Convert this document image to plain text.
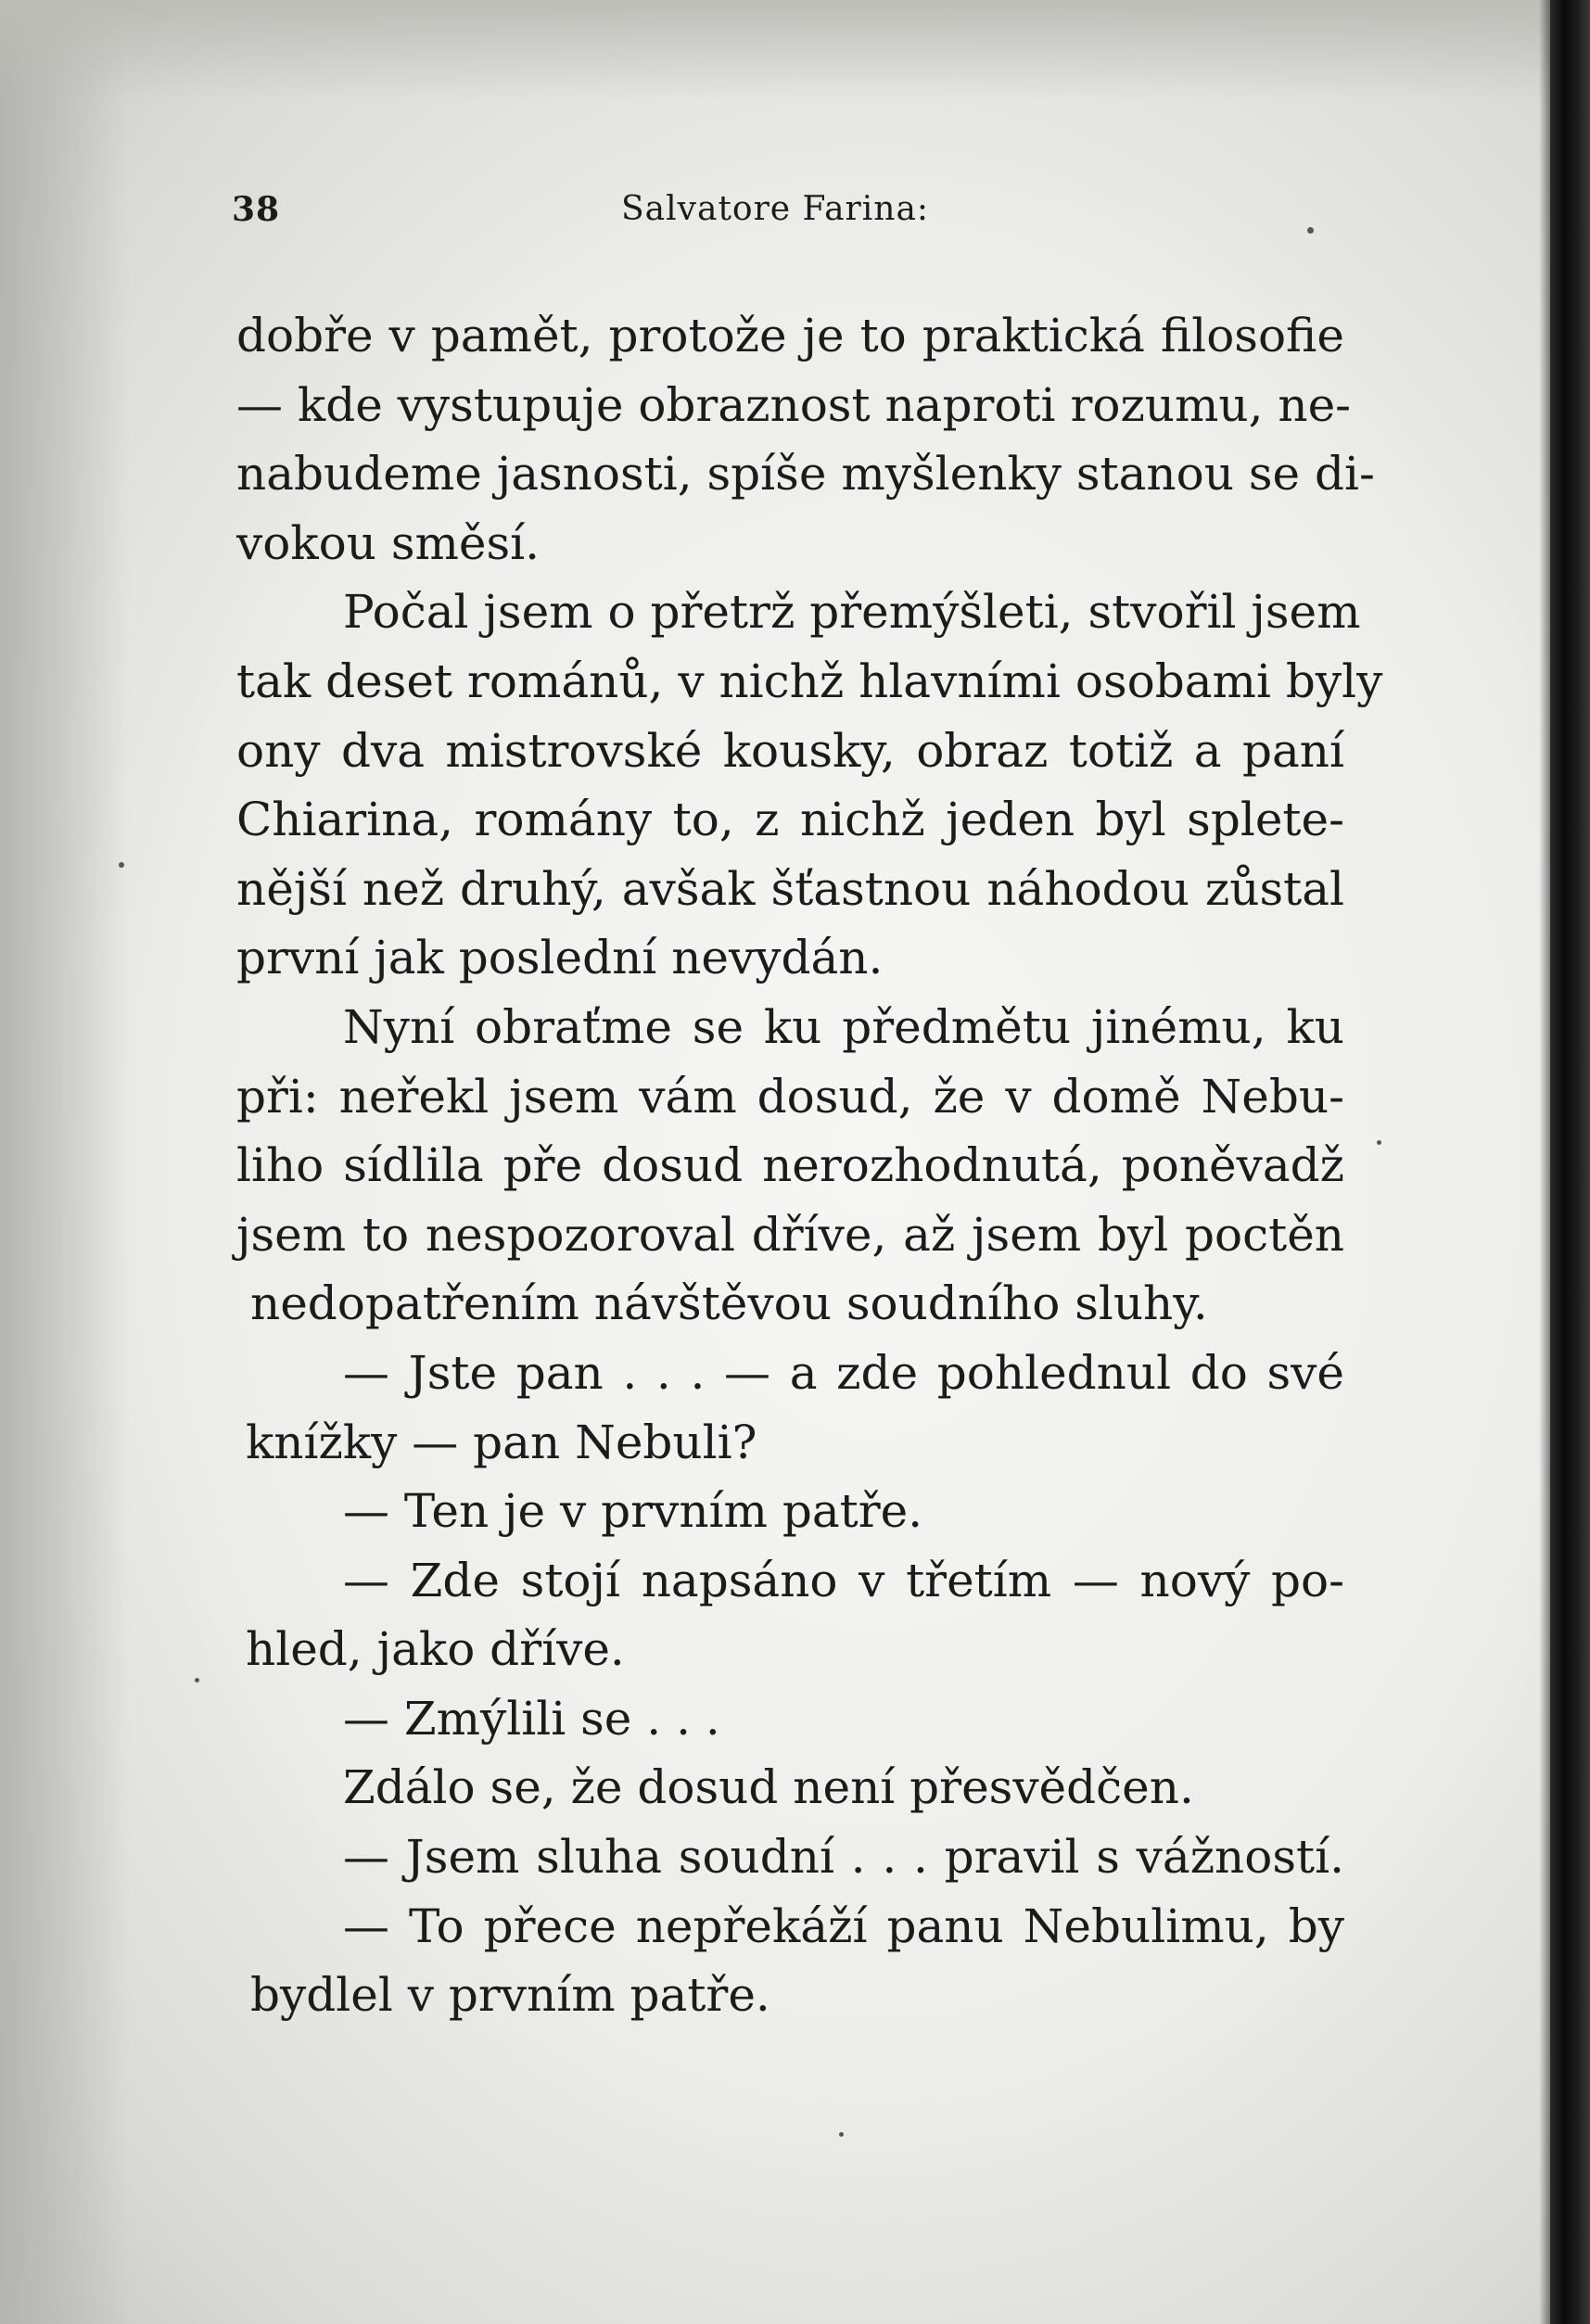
38	Salvatore Farina:
dobře v pamět, protože je to praktická filosofie
— kde vystupuje obraznost naproti rozumu, ne-
nabudeme jasnosti, spíše myšlenky stanou se di-
vokou směsí.
Počal jsem o přetrž přemýšleti, stvořil jsem
tak deset románů, v nichž hlavními osobami byly
ony dva mistrovské kousky, obraz totiž a paní
Chiarina, romány to, z nichž jeden byl splete-
nější než druhý, avšak šťastnou náhodou zůstal
první jak poslední nevydán.
Nyní obraťme se ku předmětu jinému, ku
při: neřekl jsem vám dosud, že v domě Nebu-
liho sídlila pře dosud nerozhodnutá, poněvadž
jsem to nespozoroval dříve, až jsem byl poctěn
nedopatřením návštěvou soudního sluhy.
— Jste pan . . . — a zde pohlednul do své
knížky — pan Nebuli?
— Ten je v prvním patře.
— Zde stojí napsáno v třetím — nový po-
hled, jako dříve.
— Zmýlili se . . .
Zdálo se, že dosud není přesvědčen.
— Jsem sluha soudní . . . pravil s vážností.
— To přece nepřekáží panu Nebulimu, by
bydlel v prvním patře.
